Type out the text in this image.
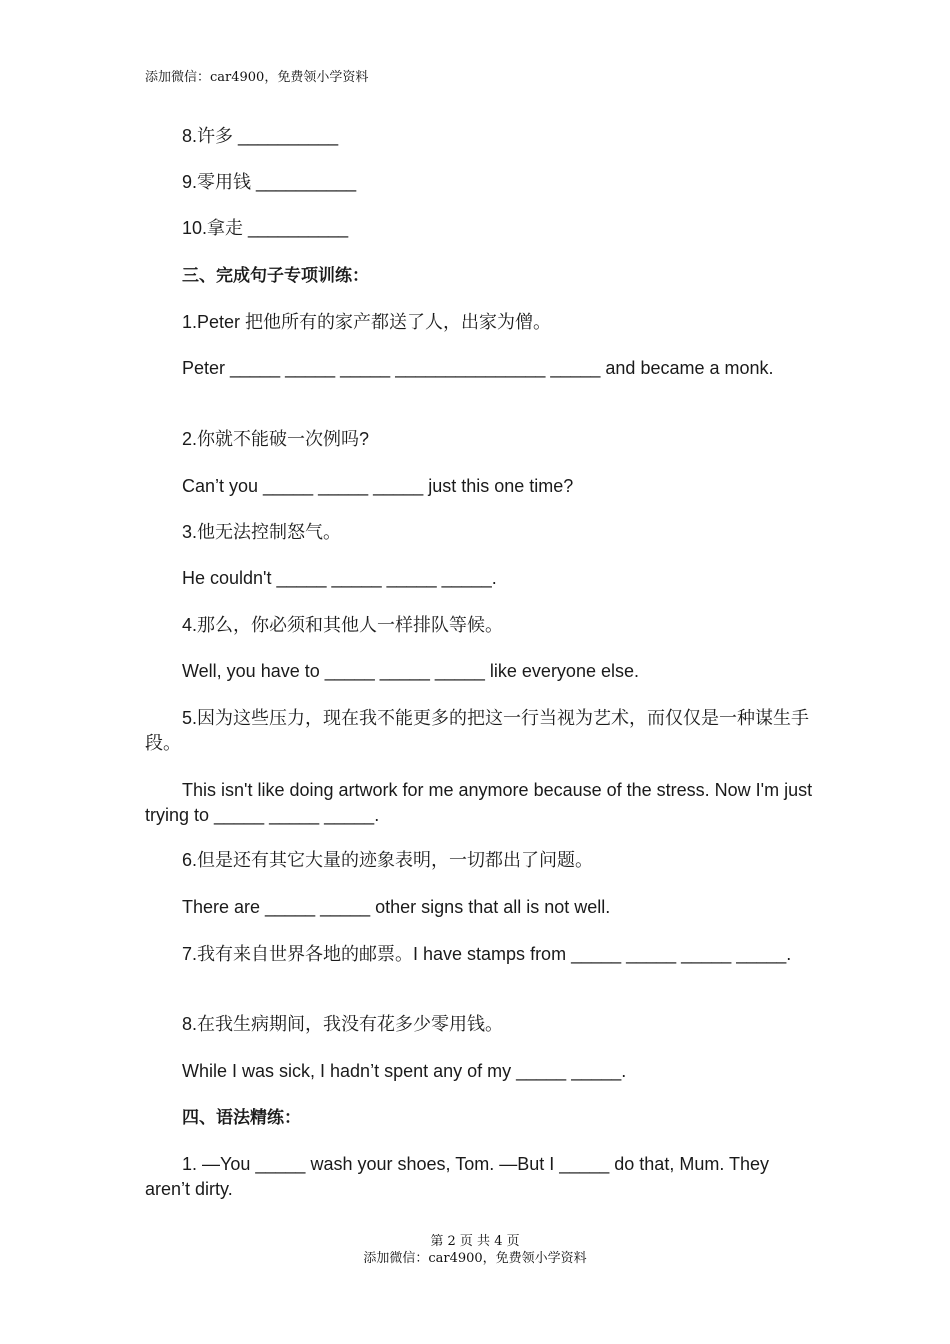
添加微信：car4900，免费领小学资料

8.许多 __________

9.零用钱 __________

10.拿走 __________

三、完成句子专项训练：

1.Peter 把他所有的家产都送了人，出家为僧。

Peter _____ _____ _____ _______________ _____ and became a monk.

2.你就不能破一次例吗?

Can’t you _____ _____ _____ just this one time?

3.他无法控制怒气。

He couldn't _____ _____ _____ _____.

4.那么，你必须和其他人一样排队等候。

Well, you have to _____ _____ _____ like everyone else.

5.因为这些压力，现在我不能更多的把这一行当视为艺术，而仅仅是一种谋生手段。

This isn't like doing artwork for me anymore because of the stress. Now I'm just trying to _____ _____ _____.

6.但是还有其它大量的迹象表明，一切都出了问题。

There are _____ _____ other signs that all is not well.

7.我有来自世界各地的邮票。I have stamps from _____ _____ _____ _____.

8.在我生病期间，我没有花多少零用钱。

While I was sick, I hadn’t spent any of my _____ _____.

四、语法精练：

1. —You _____ wash your shoes, Tom. —But I _____ do that, Mum. They aren’t dirty.

第 2 页 共 4 页
添加微信：car4900，免费领小学资料
